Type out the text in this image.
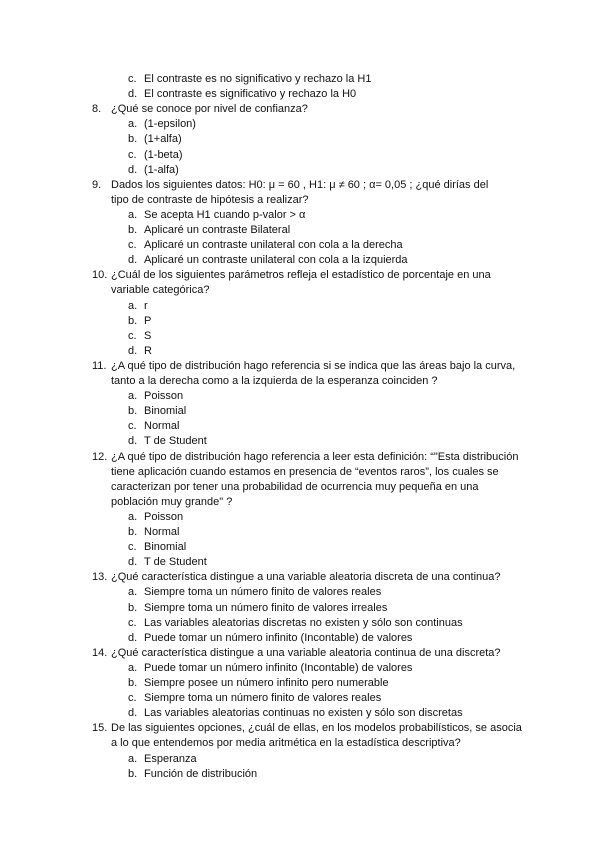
c. El contraste es no significativo y rechazo la H1
d. El contraste es significativo y rechazo la H0
8. ¿Qué se conoce por nivel de confianza?
a. (1-epsilon)
b. (1+alfa)
c. (1-beta)
d. (1-alfa)
9. Dados los siguientes datos: H0: μ = 60 , H1: μ ≠ 60 ; α= 0,05 ; ¿qué dirías del
tipo de contraste de hipótesis a realizar?
a. Se acepta H1 cuando p-valor > α
b. Aplicaré un contraste Bilateral
c. Aplicaré un contraste unilateral con cola a la derecha
d. Aplicaré un contraste unilateral con cola a la izquierda
10. ¿Cuál de los siguientes parámetros refleja el estadístico de porcentaje en una
variable categórica?
a. r
b. P
c. S
d. R
11. ¿A qué tipo de distribución hago referencia si se indica que las áreas bajo la curva,
tanto a la derecha como a la izquierda de la esperanza coinciden ?
a. Poisson
b. Binomial
c. Normal
d. T de Student
12. ¿A qué tipo de distribución hago referencia a leer esta definición: “"Esta distribución
tiene aplicación cuando estamos en presencia de “eventos raros”, los cuales se
caracterizan por tener una probabilidad de ocurrencia muy pequeña en una
población muy grande" ?
a. Poisson
b. Normal
c. Binomial
d. T de Student
13. ¿Qué característica distingue a una variable aleatoria discreta de una continua?
a. Siempre toma un número finito de valores reales
b. Siempre toma un número finito de valores irreales
c. Las variables aleatorias discretas no existen y sólo son continuas
d. Puede tomar un número infinito (Incontable) de valores
14. ¿Qué característica distingue a una variable aleatoria continua de una discreta?
a. Puede tomar un número infinito (Incontable) de valores
b. Siempre posee un número infinito pero numerable
c. Siempre toma un número finito de valores reales
d. Las variables aleatorias continuas no existen y sólo son discretas
15. De las siguientes opciones, ¿cuál de ellas, en los modelos probabilísticos, se asocia
a lo que entendemos por media aritmética en la estadística descriptiva?
a. Esperanza
b. Función de distribución
